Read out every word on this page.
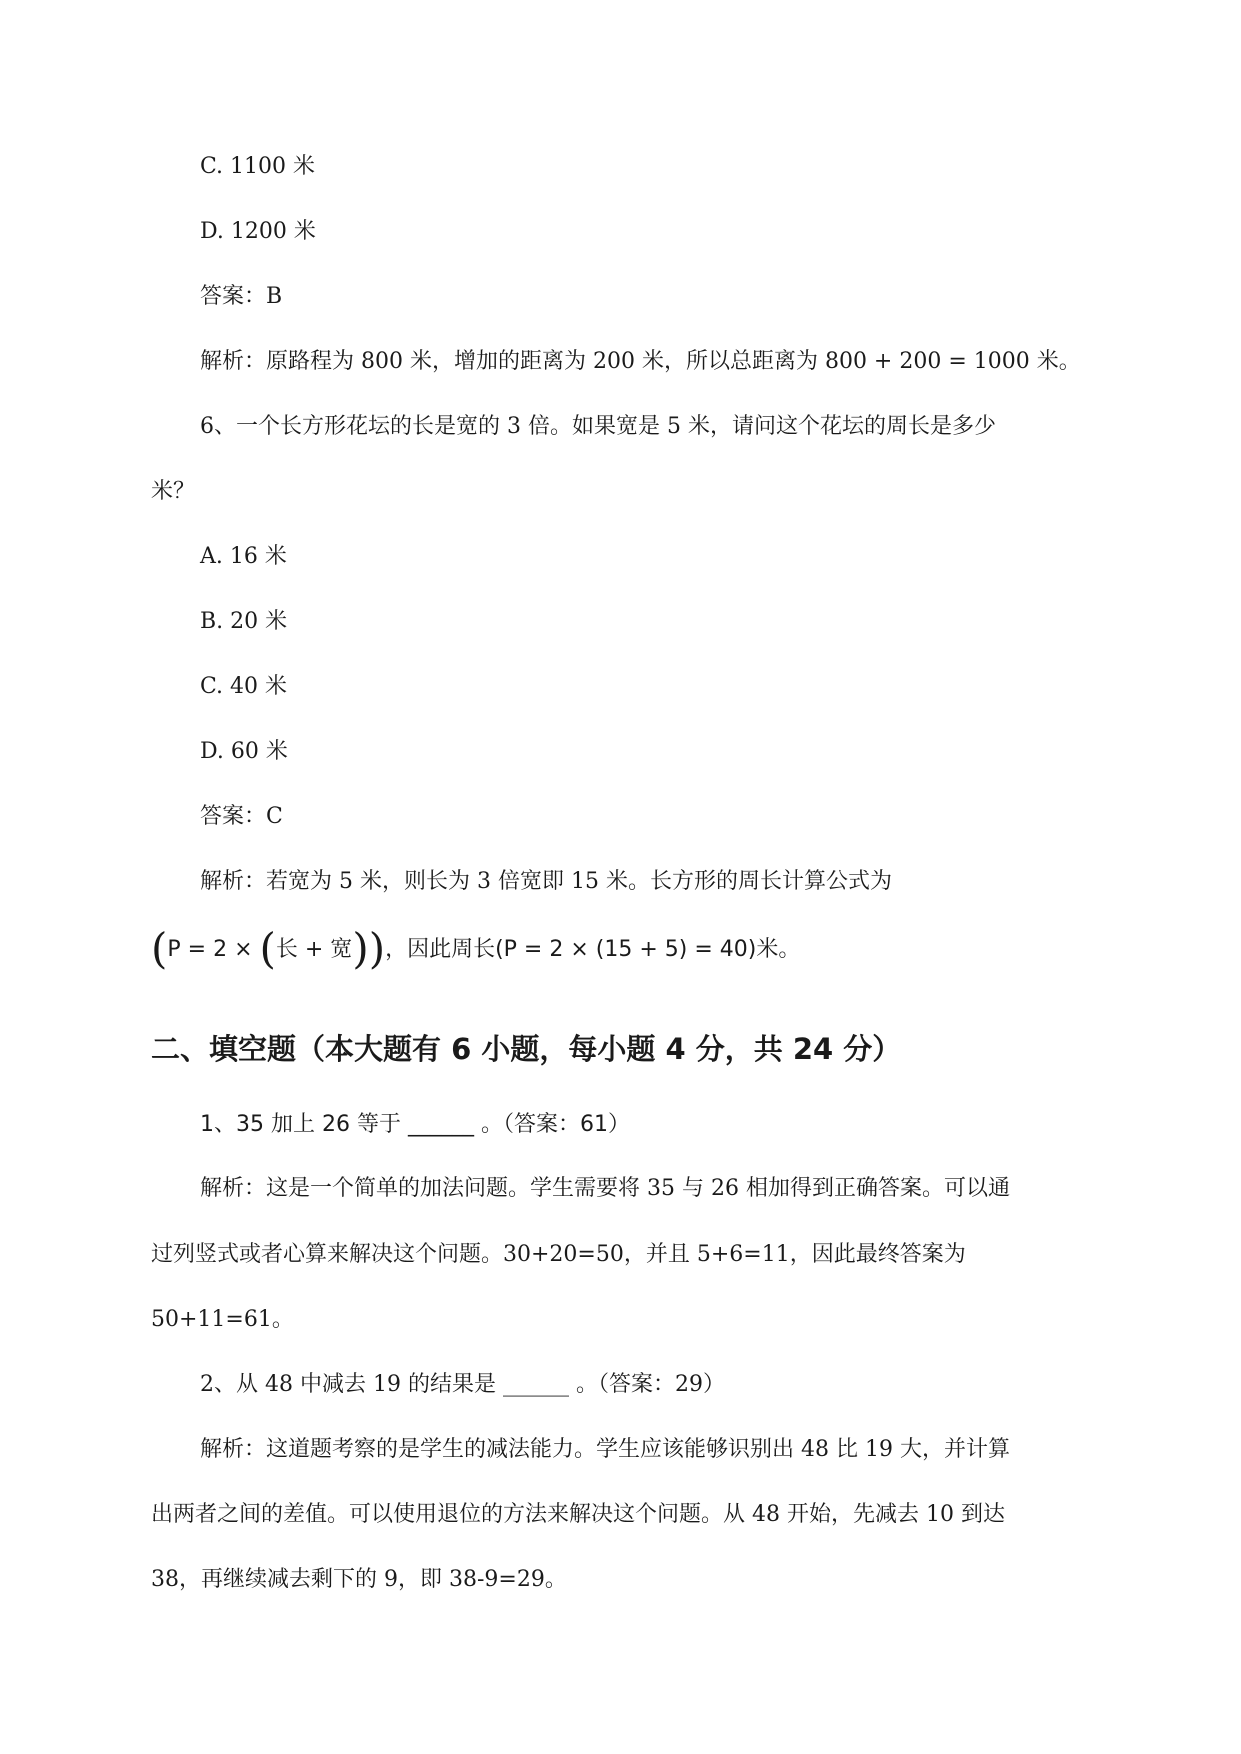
C. 1100 米
D. 1200 米
答案：B
解析：原路程为 800 米，增加的距离为 200 米，所以总距离为 800 + 200 = 1000 米。
6、一个长方形花坛的长是宽的 3 倍。如果宽是 5 米，请问这个花坛的周长是多少
米？
A. 16 米
B. 20 米
C. 40 米
D. 60 米
答案：C
解析：若宽为 5 米，则长为 3 倍宽即 15 米。长方形的周长计算公式为
(P = 2 × (长 + 宽))，因此周长(P = 2 × (15 + 5) = 40)米。
二、填空题（本大题有 6 小题，每小题 4 分，共 24 分）
1、35 加上 26 等于 ______ 。（答案：61）
解析：这是一个简单的加法问题。学生需要将 35 与 26 相加得到正确答案。可以通
过列竖式或者心算来解决这个问题。30+20=50，并且 5+6=11，因此最终答案为
50+11=61。
2、从 48 中减去 19 的结果是 ______ 。（答案：29）
解析：这道题考察的是学生的减法能力。学生应该能够识别出 48 比 19 大，并计算
出两者之间的差值。可以使用退位的方法来解决这个问题。从 48 开始，先减去 10 到达
38，再继续减去剩下的 9，即 38-9=29。
